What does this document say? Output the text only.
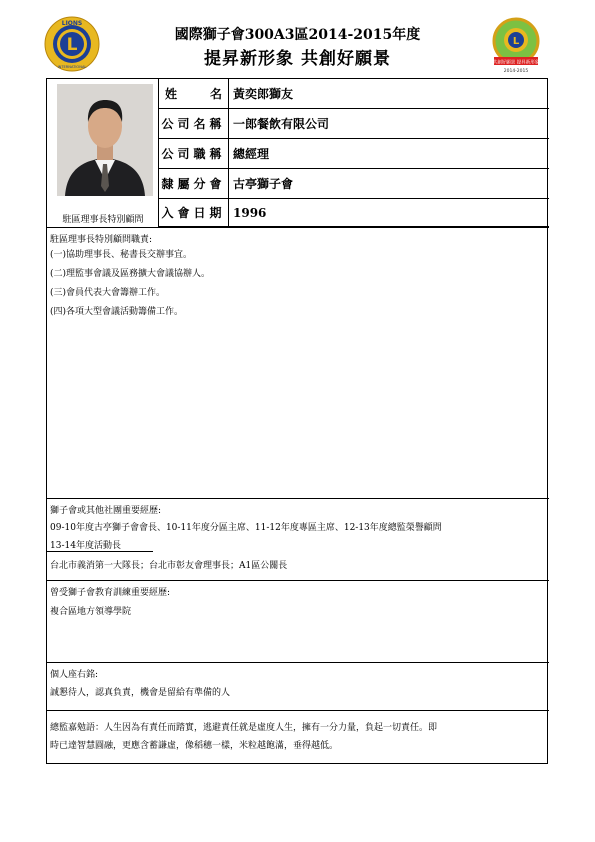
國際獅子會300A3區2014-2015年度
提昇新形象 共創好願景
L
LIONS
INTERNATIONAL
L
共創好願景 提昇新形象
2014-2015
駐區理事長特別顧問
姓	名 黃奕郎獅友
公司名稱 一郎餐飲有限公司
公司職稱 總經理
隸屬分會 古亭獅子會
入會日期 1996
駐區理事長特別顧問職責:
(一)協助理事長、秘書長交辦事宜。
(二)理監事會議及區務擴大會議協辦人。
(三)會員代表大會籌辦工作。
(四)各項大型會議活動籌備工作。
獅子會或其他社團重要經歷:
09-10年度古亭獅子會會長、10-11年度分區主席、11-12年度專區主席、12-13年度總監榮譽顧問
13-14年度活動長
台北市義消第一大隊長；台北市彰友會理事長；A1區公關長
曾受獅子會教育訓練重要經歷:
複合區地方領導學院
個人座右銘:
誠懇待人，認真負責，機會是留給有準備的人
總監嘉勉語：人生因為有責任而踏實，逃避責任就是虛度人生，擁有一分力量，負起一切責任。即
時已達智慧圓融，更應含蓄謙虛，像稻穗一樣，米粒越飽滿，垂得越低。
